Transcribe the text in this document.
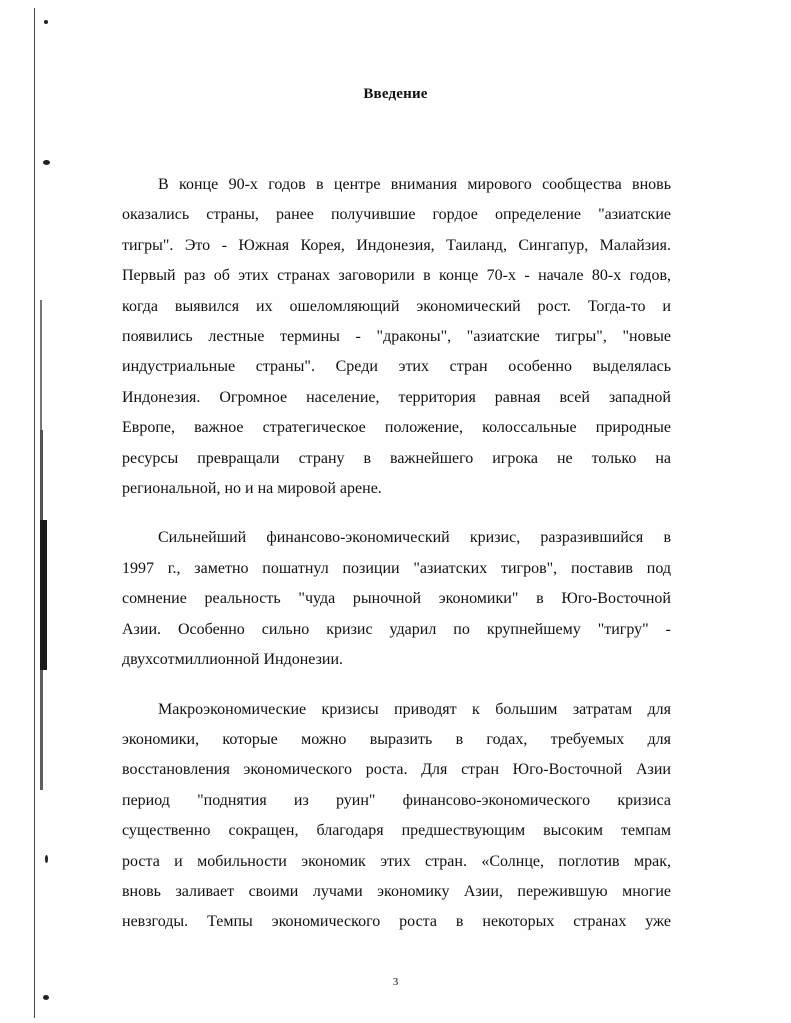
Введение

В конце 90-х годов в центре внимания мирового сообщества вновь
оказались страны, ранее получившие гордое определение "азиатские
тигры". Это - Южная Корея, Индонезия, Таиланд, Сингапур, Малайзия.
Первый раз об этих странах заговорили в конце 70-х - начале 80-х годов,
когда выявился их ошеломляющий экономический рост. Тогда-то и
появились лестные термины - "драконы", "азиатские тигры", "новые
индустриальные страны". Среди этих стран особенно выделялась
Индонезия. Огромное население, территория равная всей западной
Европе, важное стратегическое положение, колоссальные природные
ресурсы превращали страну в важнейшего игрока не только на
региональной, но и на мировой арене.

Сильнейший финансово-экономический кризис, разразившийся в
1997 г., заметно пошатнул позиции "азиатских тигров", поставив под
сомнение реальность "чуда рыночной экономики" в Юго-Восточной
Азии. Особенно сильно кризис ударил по крупнейшему "тигру" -
двухсотмиллионной Индонезии.

Макроэкономические кризисы приводят к большим затратам для
экономики, которые можно выразить в годах, требуемых для
восстановления экономического роста. Для стран Юго-Восточной Азии
период "поднятия из руин" финансово-экономического кризиса
существенно сокращен, благодаря предшествующим высоким темпам
роста и мобильности экономик этих стран. «Солнце, поглотив мрак,
вновь заливает своими лучами экономику Азии, пережившую многие
невзгоды. Темпы экономического роста в некоторых странах уже

3
